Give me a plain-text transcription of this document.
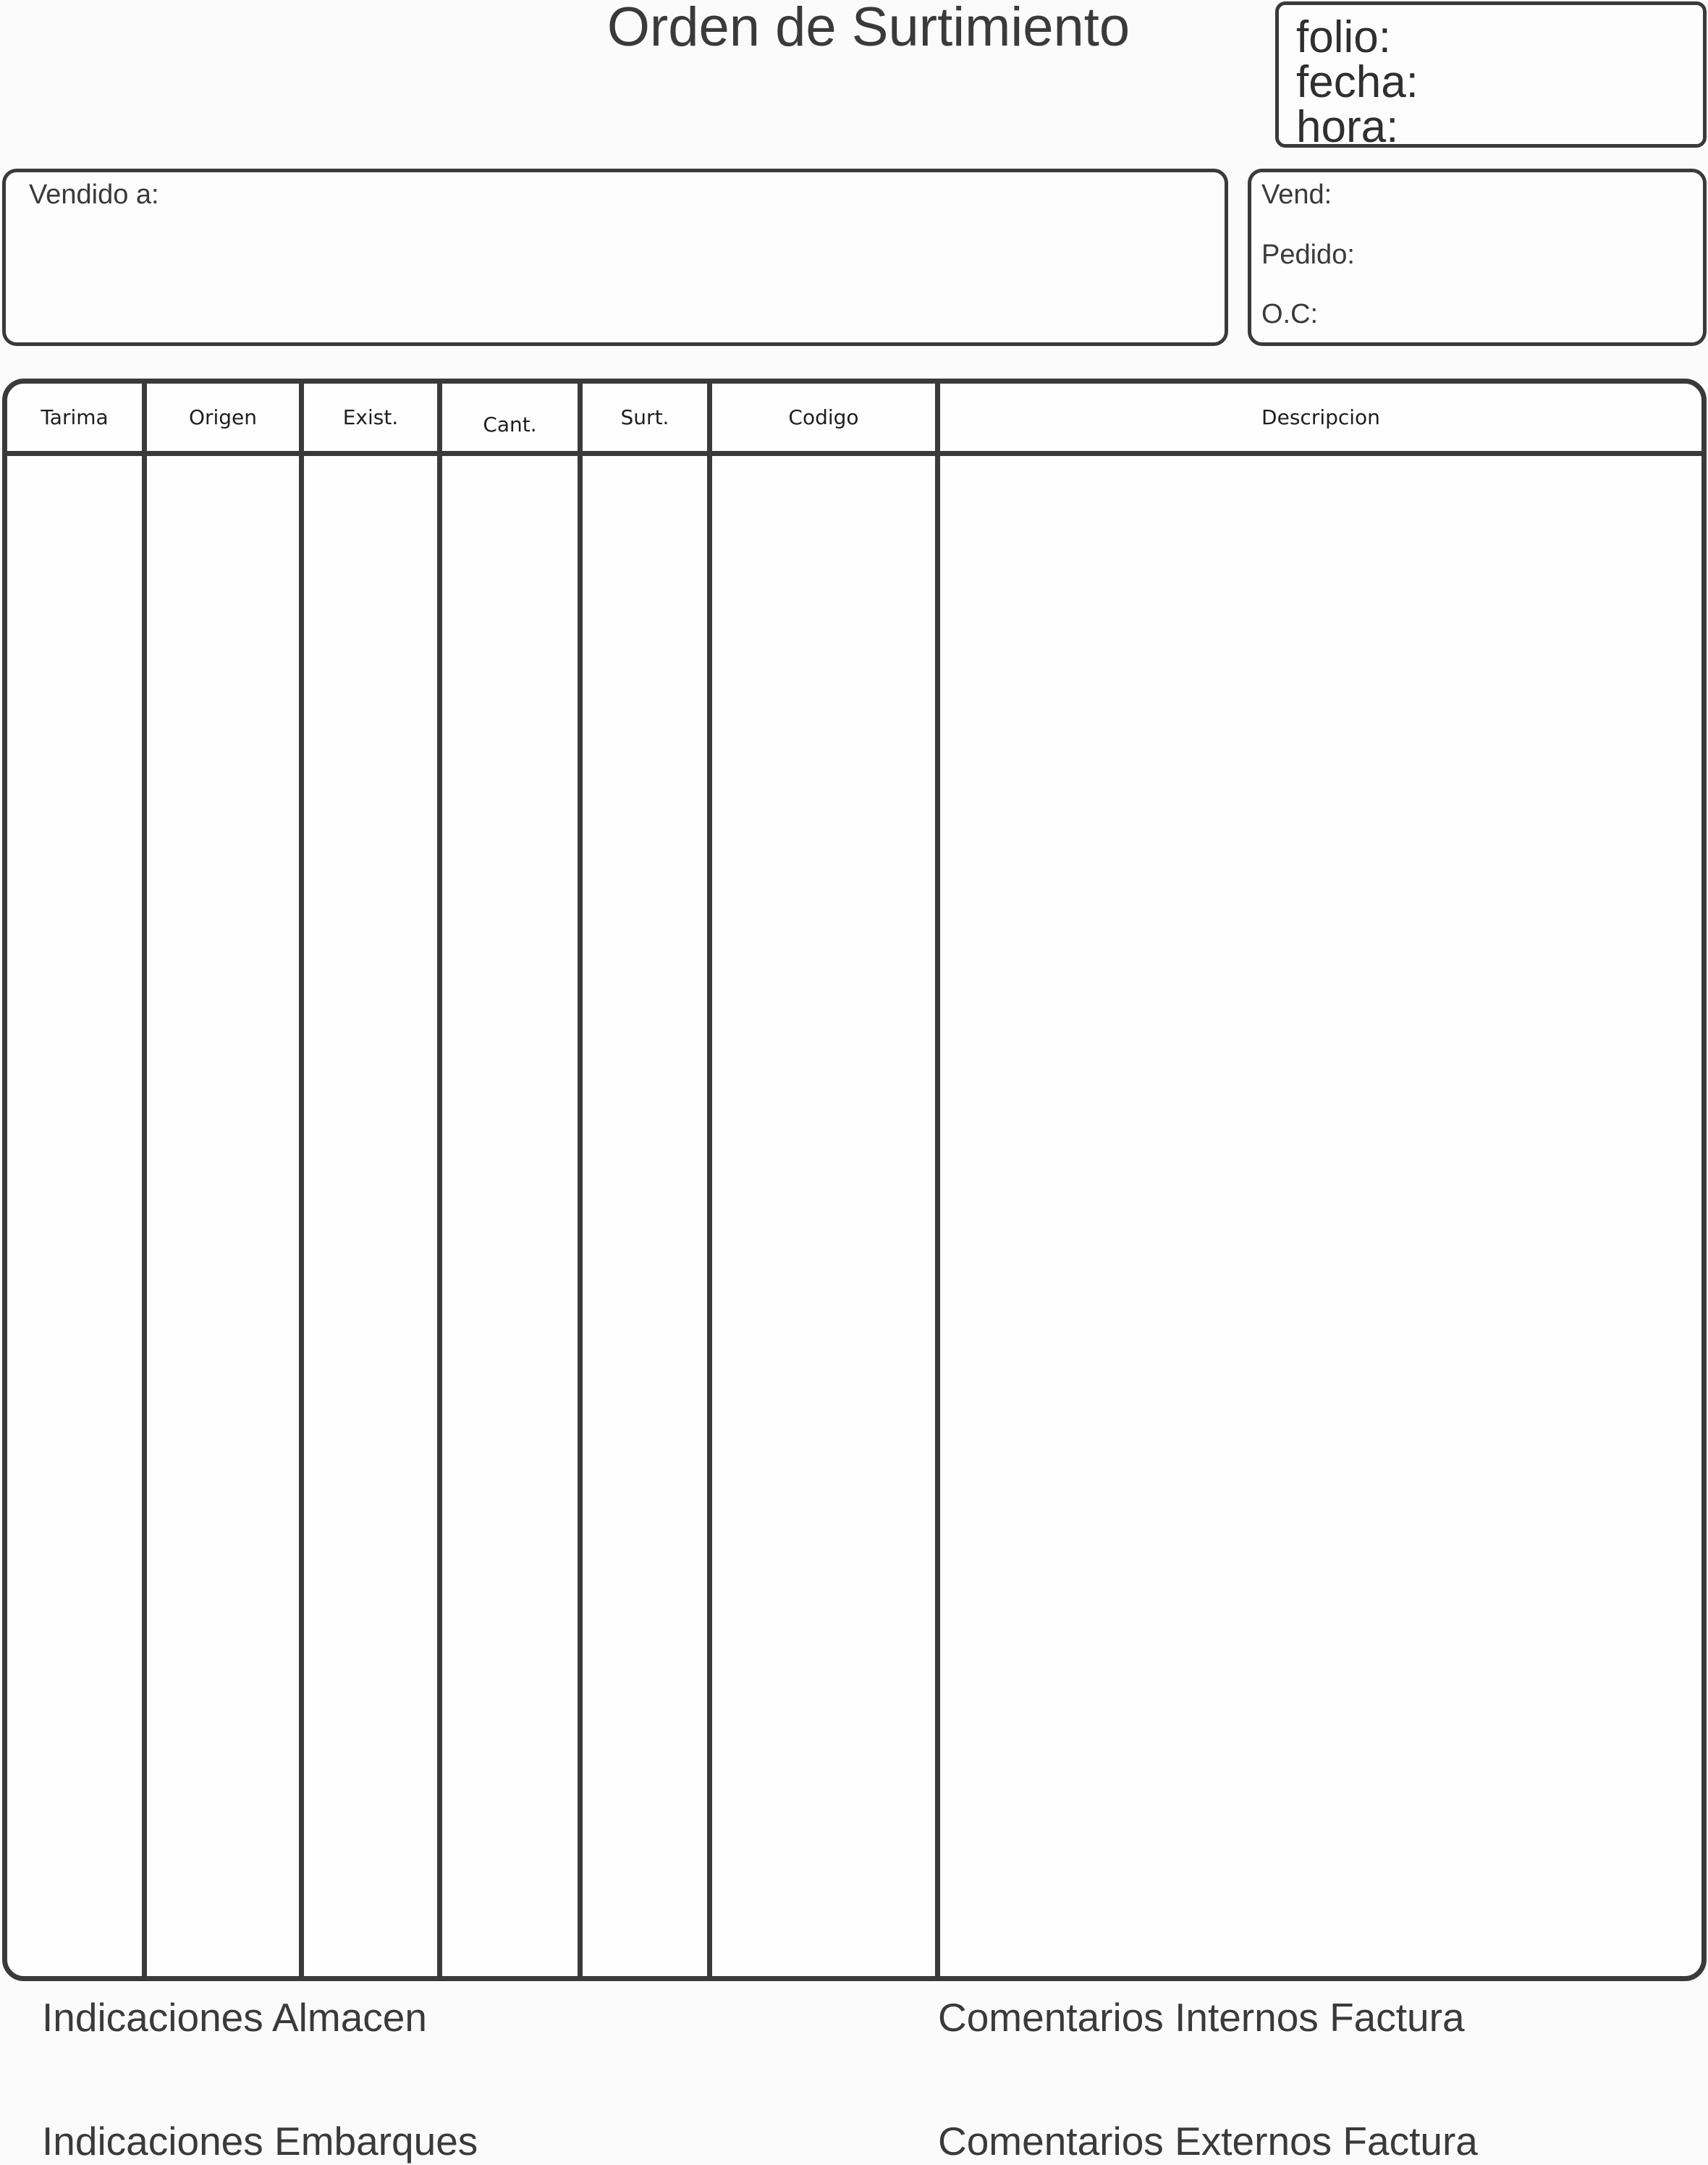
Orden de Surtimiento	folio:
fecha:
hora:
Vendido a:	Vend:
Pedido:
O.C:
Tarima	Origen	Exist.	Cant.	Surt.	Codigo	Descripcion
Indicaciones Almacen	Comentarios Internos Factura
Indicaciones Embarques	Comentarios Externos Factura
